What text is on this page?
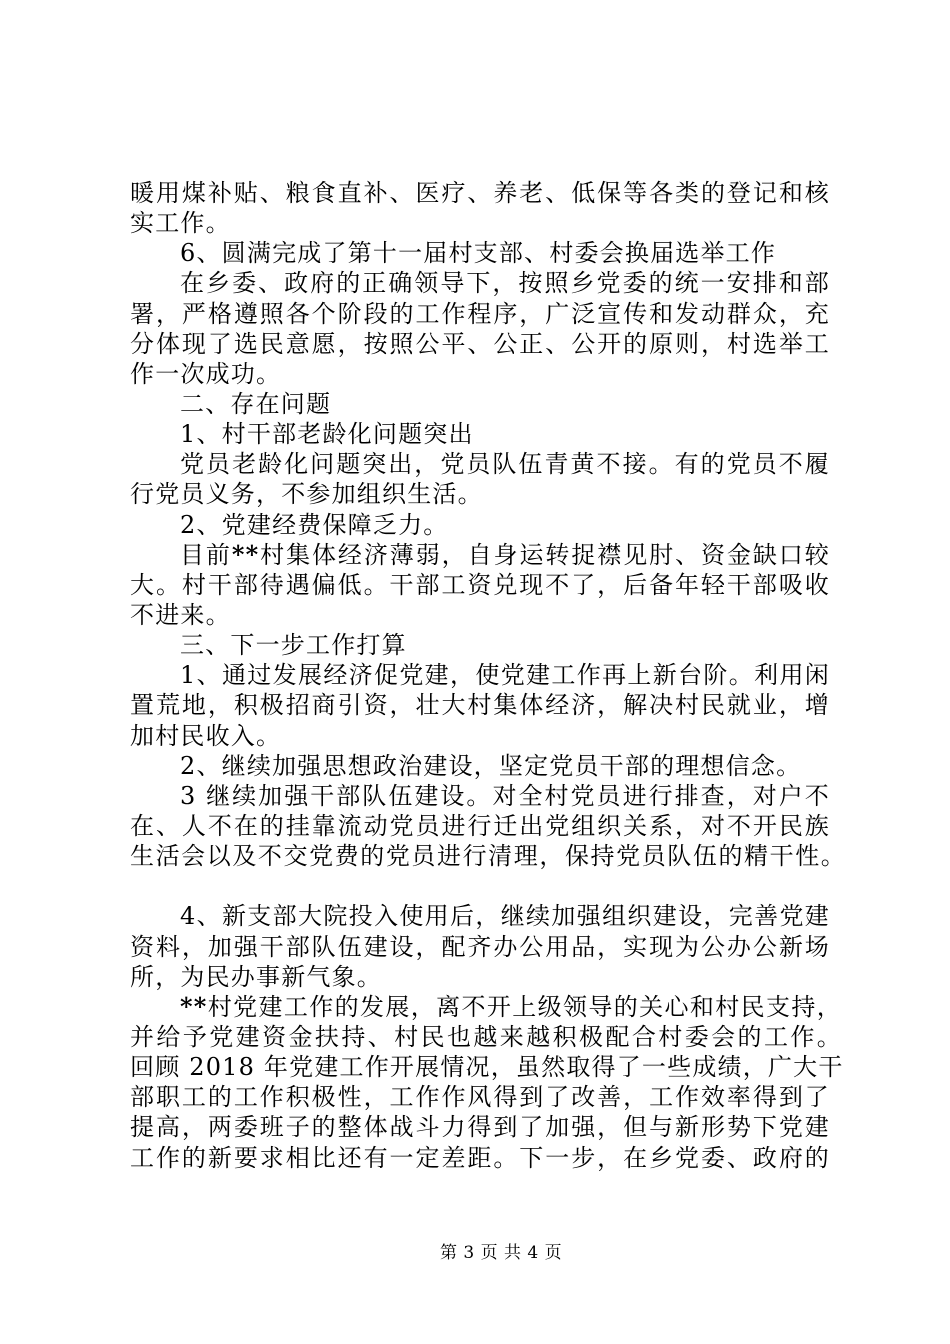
暖用煤补贴、粮食直补、医疗、养老、低保等各类的登记和核
实工作。
6、圆满完成了第十一届村支部、村委会换届选举工作
在乡委、政府的正确领导下，按照乡党委的统一安排和部
署，严格遵照各个阶段的工作程序，广泛宣传和发动群众，充
分体现了选民意愿，按照公平、公正、公开的原则，村选举工
作一次成功。
二、存在问题
1、村干部老龄化问题突出
党员老龄化问题突出，党员队伍青黄不接。有的党员不履
行党员义务，不参加组织生活。
2、党建经费保障乏力。
目前**村集体经济薄弱，自身运转捉襟见肘、资金缺口较
大。村干部待遇偏低。干部工资兑现不了，后备年轻干部吸收
不进来。
三、下一步工作打算
1、通过发展经济促党建，使党建工作再上新台阶。利用闲
置荒地，积极招商引资，壮大村集体经济，解决村民就业，增
加村民收入。
2、继续加强思想政治建设，坚定党员干部的理想信念。
3 继续加强干部队伍建设。对全村党员进行排查，对户不
在、人不在的挂靠流动党员进行迁出党组织关系，对不开民族
生活会以及不交党费的党员进行清理，保持党员队伍的精干性。
4、新支部大院投入使用后，继续加强组织建设，完善党建
资料，加强干部队伍建设，配齐办公用品，实现为公办公新场
所，为民办事新气象。
**村党建工作的发展，离不开上级领导的关心和村民支持，
并给予党建资金扶持、村民也越来越积极配合村委会的工作。
回顾 2018 年党建工作开展情况，虽然取得了一些成绩，广大干
部职工的工作积极性，工作作风得到了改善，工作效率得到了
提高，两委班子的整体战斗力得到了加强，但与新形势下党建
工作的新要求相比还有一定差距。下一步，在乡党委、政府的
第 3 页 共 4 页
